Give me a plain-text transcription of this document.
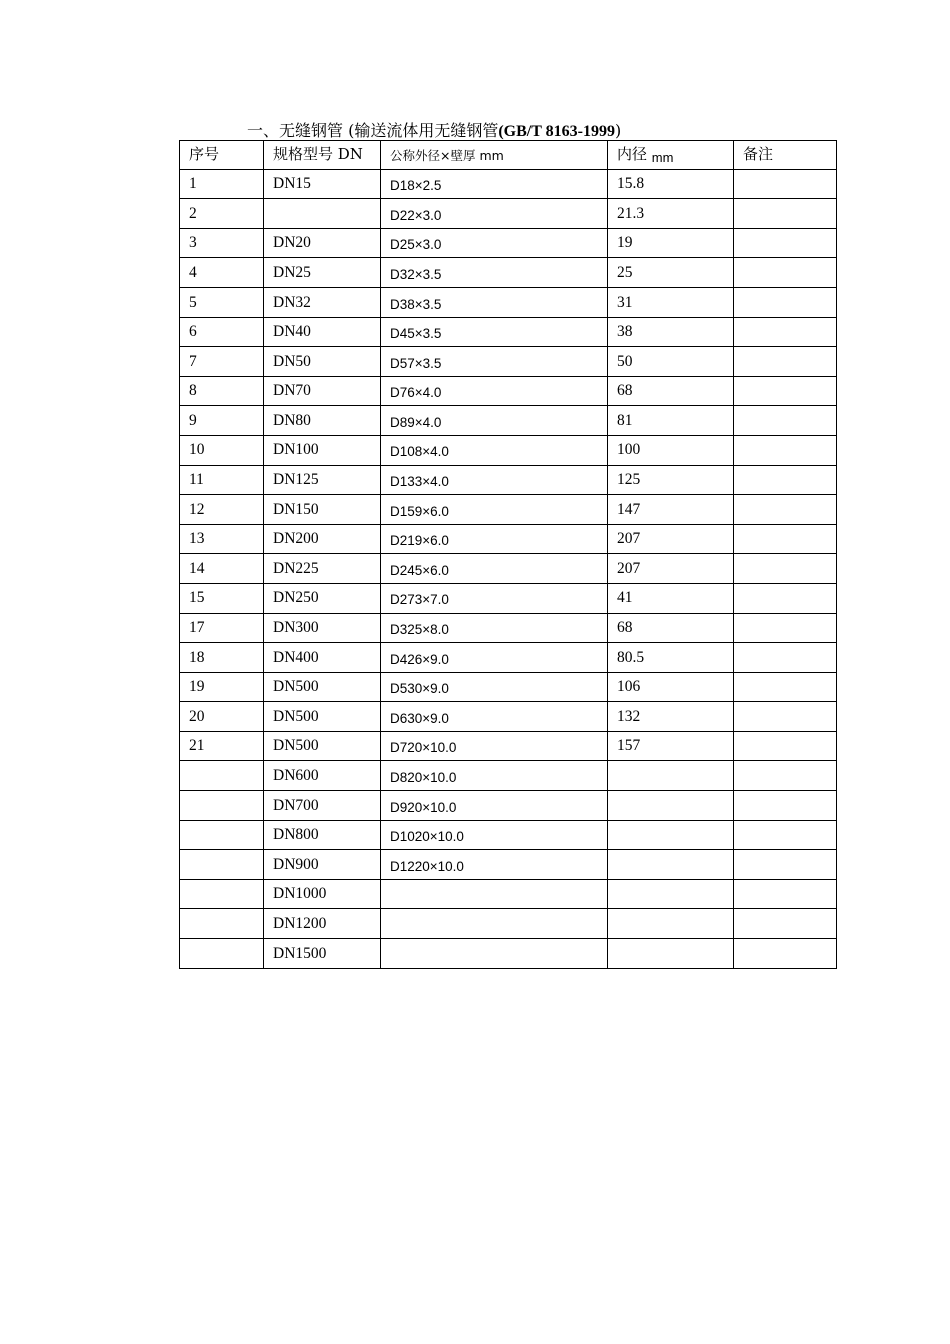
一、无缝钢管 (输送流体用无缝钢管(GB/T 8163-1999)
序号	规格型号 DN	公称外径×壁厚 mm	内径 mm	备注
1	DN15	D18×2.5	15.8	
2		D22×3.0	21.3	
3	DN20	D25×3.0	19	
4	DN25	D32×3.5	25	
5	DN32	D38×3.5	31	
6	DN40	D45×3.5	38	
7	DN50	D57×3.5	50	
8	DN70	D76×4.0	68	
9	DN80	D89×4.0	81	
10	DN100	D108×4.0	100	
11	DN125	D133×4.0	125	
12	DN150	D159×6.0	147	
13	DN200	D219×6.0	207	
14	DN225	D245×6.0	207	
15	DN250	D273×7.0	41	
17	DN300	D325×8.0	68	
18	DN400	D426×9.0	80.5	
19	DN500	D530×9.0	106	
20	DN500	D630×9.0	132	
21	DN500	D720×10.0	157	
	DN600	D820×10.0		
	DN700	D920×10.0		
	DN800	D1020×10.0		
	DN900	D1220×10.0		
	DN1000			
	DN1200			
	DN1500			
